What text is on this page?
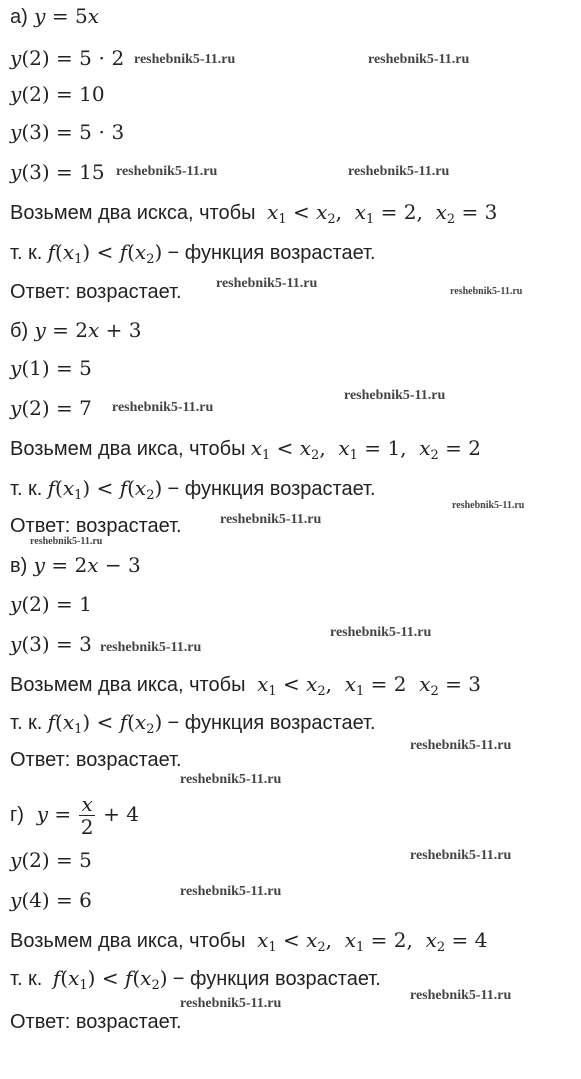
а) y = 5x
y(2) = 5 ⋅ 2
y(2) = 10
y(3) = 5 ⋅ 3
y(3) = 15
Возьмем два искса, чтобы $x_1 < x_2$,  $x_1 = 2$,  $x_2 = 3$
т. к. $f(x_1) < f(x_2)$ − функция возрастает.
Ответ: возрастает.
б) y = 2x + 3
y(1) = 5
y(2) = 7
Возьмем два икса, чтобы $x_1 < x_2$,  $x_1 = 1$,  $x_2 = 2$
т. к. $f(x_1) < f(x_2)$ − функция возрастает.
Ответ: возрастает.
в) y = 2x − 3
y(2) = 1
y(3) = 3
Возьмем два икса, чтобы $x_1 < x_2$,  $x_1 = 2$ $x_2 = 3$
т. к. $f(x_1) < f(x_2)$ − функция возрастает.
Ответ: возрастает.
г) $y = \frac{x}{2} + 4$
y(2) = 5
y(4) = 6
Возьмем два икса, чтобы $x_1 < x_2$,  $x_1 = 2$,  $x_2 = 4$
т. к. $f(x_1) < f(x_2)$ − функция возрастает.
Ответ: возрастает.
reshebnik5-11.ru	reshebnik5-11.ru
reshebnik5-11.ru	reshebnik5-11.ru
reshebnik5-11.ru
reshebnik5-11.ru
reshebnik5-11.ru
reshebnik5-11.ru
reshebnik5-11.ru
reshebnik5-11.ru
reshebnik5-11.ru
reshebnik5-11.ru
reshebnik5-11.ru
reshebnik5-11.ru
reshebnik5-11.ru
reshebnik5-11.ru
reshebnik5-11.ru
reshebnik5-11.ru
reshebnik5-11.ru
